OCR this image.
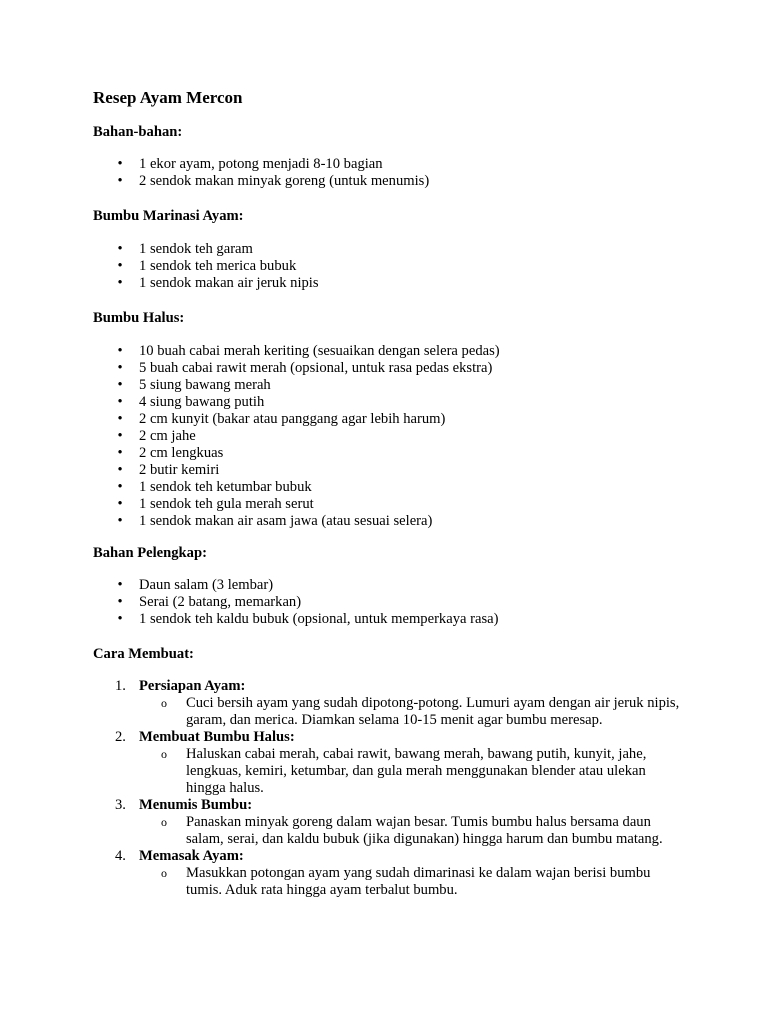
Resep Ayam Mercon

Bahan-bahan:

• 1 ekor ayam, potong menjadi 8-10 bagian
• 2 sendok makan minyak goreng (untuk menumis)

Bumbu Marinasi Ayam:

• 1 sendok teh garam
• 1 sendok teh merica bubuk
• 1 sendok makan air jeruk nipis

Bumbu Halus:

• 10 buah cabai merah keriting (sesuaikan dengan selera pedas)
• 5 buah cabai rawit merah (opsional, untuk rasa pedas ekstra)
• 5 siung bawang merah
• 4 siung bawang putih
• 2 cm kunyit (bakar atau panggang agar lebih harum)
• 2 cm jahe
• 2 cm lengkuas
• 2 butir kemiri
• 1 sendok teh ketumbar bubuk
• 1 sendok teh gula merah serut
• 1 sendok makan air asam jawa (atau sesuai selera)

Bahan Pelengkap:

• Daun salam (3 lembar)
• Serai (2 batang, memarkan)
• 1 sendok teh kaldu bubuk (opsional, untuk memperkaya rasa)

Cara Membuat:

1. Persiapan Ayam:
o Cuci bersih ayam yang sudah dipotong-potong. Lumuri ayam dengan air jeruk nipis, garam, dan merica. Diamkan selama 10-15 menit agar bumbu meresap.
2. Membuat Bumbu Halus:
o Haluskan cabai merah, cabai rawit, bawang merah, bawang putih, kunyit, jahe, lengkuas, kemiri, ketumbar, dan gula merah menggunakan blender atau ulekan hingga halus.
3. Menumis Bumbu:
o Panaskan minyak goreng dalam wajan besar. Tumis bumbu halus bersama daun salam, serai, dan kaldu bubuk (jika digunakan) hingga harum dan bumbu matang.
4. Memasak Ayam:
o Masukkan potongan ayam yang sudah dimarinasi ke dalam wajan berisi bumbu tumis. Aduk rata hingga ayam terbalut bumbu.
